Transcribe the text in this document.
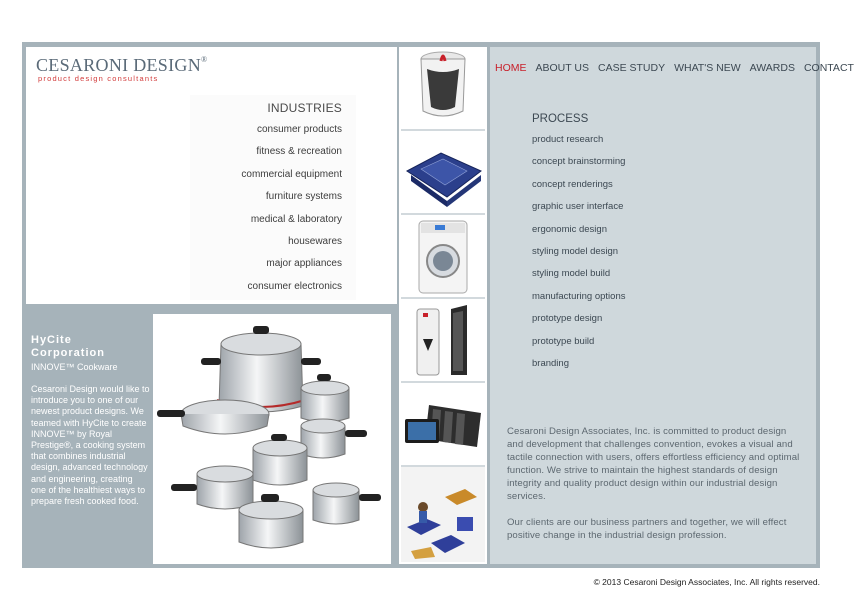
CESARONI DESIGN®
product design consultants
INDUSTRIES
consumer products
fitness & recreation
commercial equipment
furniture systems
medical & laboratory
housewares
major appliances
consumer electronics
HOME ABOUT US CASE STUDY WHAT'S NEW AWARDS CONTACT
PROCESS
product research
concept brainstorming
concept renderings
graphic user interface
ergonomic design
styling model design
styling model build
manufacturing options
prototype design
prototype build
branding

Cesaroni Design Associates, Inc. is committed to product design and development that challenges convention, evokes a visual and tactile connection with users, offers effortless efficiency and optimal function. We strive to maintain the highest standards of design integrity and quality product design within our industrial design services.

Our clients are our business partners and together, we will effect positive change in the industrial design profession.

HyCite
Corporation
INNOVE™ Cookware
Cesaroni Design would like to introduce you to one of our newest product designs. We teamed with HyCite to create INNOVE™ by Royal Prestige®, a cooking system that combines industrial design, advanced technology and engineering, creating one of the healthiest ways to prepare fresh cooked food.
© 2013 Cesaroni Design Associates, Inc. All rights reserved.
